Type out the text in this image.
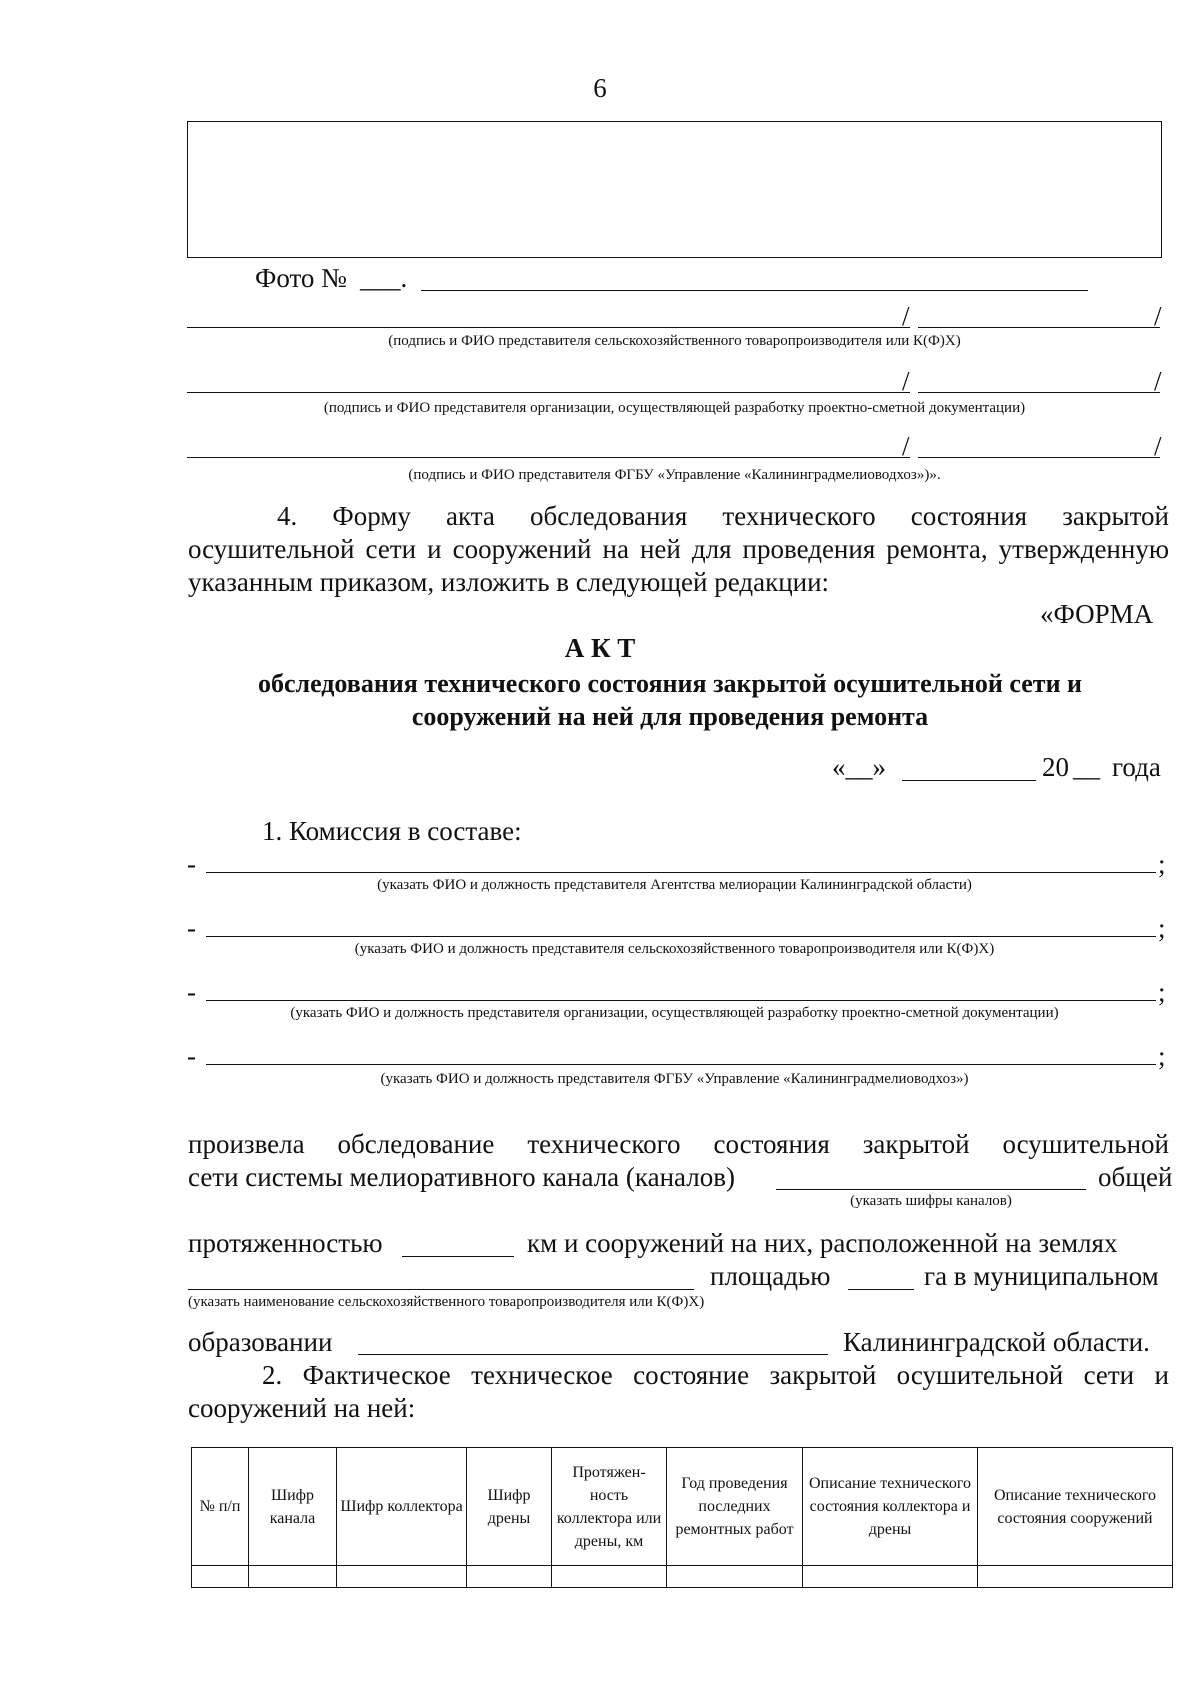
6
Фото № ___.
/	/
(подпись и ФИО представителя сельскохозяйственного товаропроизводителя или К(Ф)Х)
/	/
(подпись и ФИО представителя организации, осуществляющей разработку проектно-сметной документации)
/	/
(подпись и ФИО представителя ФГБУ «Управление «Калининградмелиоводхоз»)».
4. Форму акта обследования технического состояния закрытой
осушительной сети и сооружений на ней для проведения ремонта, утвержденную
указанным приказом, изложить в следующей редакции:
«ФОРМА
А К Т
обследования технического состояния закрытой осушительной сети и
сооружений на ней для проведения ремонта
«__»	20 __ года
1. Комиссия в составе:
-	;
(указать ФИО и должность представителя Агентства мелиорации Калининградской области)
-	;
(указать ФИО и должность представителя сельскохозяйственного товаропроизводителя или К(Ф)Х)
-	;
(указать ФИО и должность представителя организации, осуществляющей разработку проектно-сметной документации)
-	;
(указать ФИО и должность представителя ФГБУ «Управление «Калининградмелиоводхоз»)
произвела обследование технического состояния закрытой осушительной
сети системы мелиоративного канала (каналов)	общей
(указать шифры каналов)
протяженностью	км и сооружений на них, расположенной на землях
площадью	га в муниципальном
(указать наименование сельскохозяйственного товаропроизводителя или К(Ф)Х)
образовании	Калининградской области.
2. Фактическое техническое состояние закрытой осушительной сети и
сооружений на ней:
№ п/п	Шифр канала	Шифр коллектора	Шифр дрены	Протяжен-ность коллектора или дрены, км	Год проведения последних ремонтных работ	Описание технического состояния коллектора и дрены	Описание технического состояния сооружений
